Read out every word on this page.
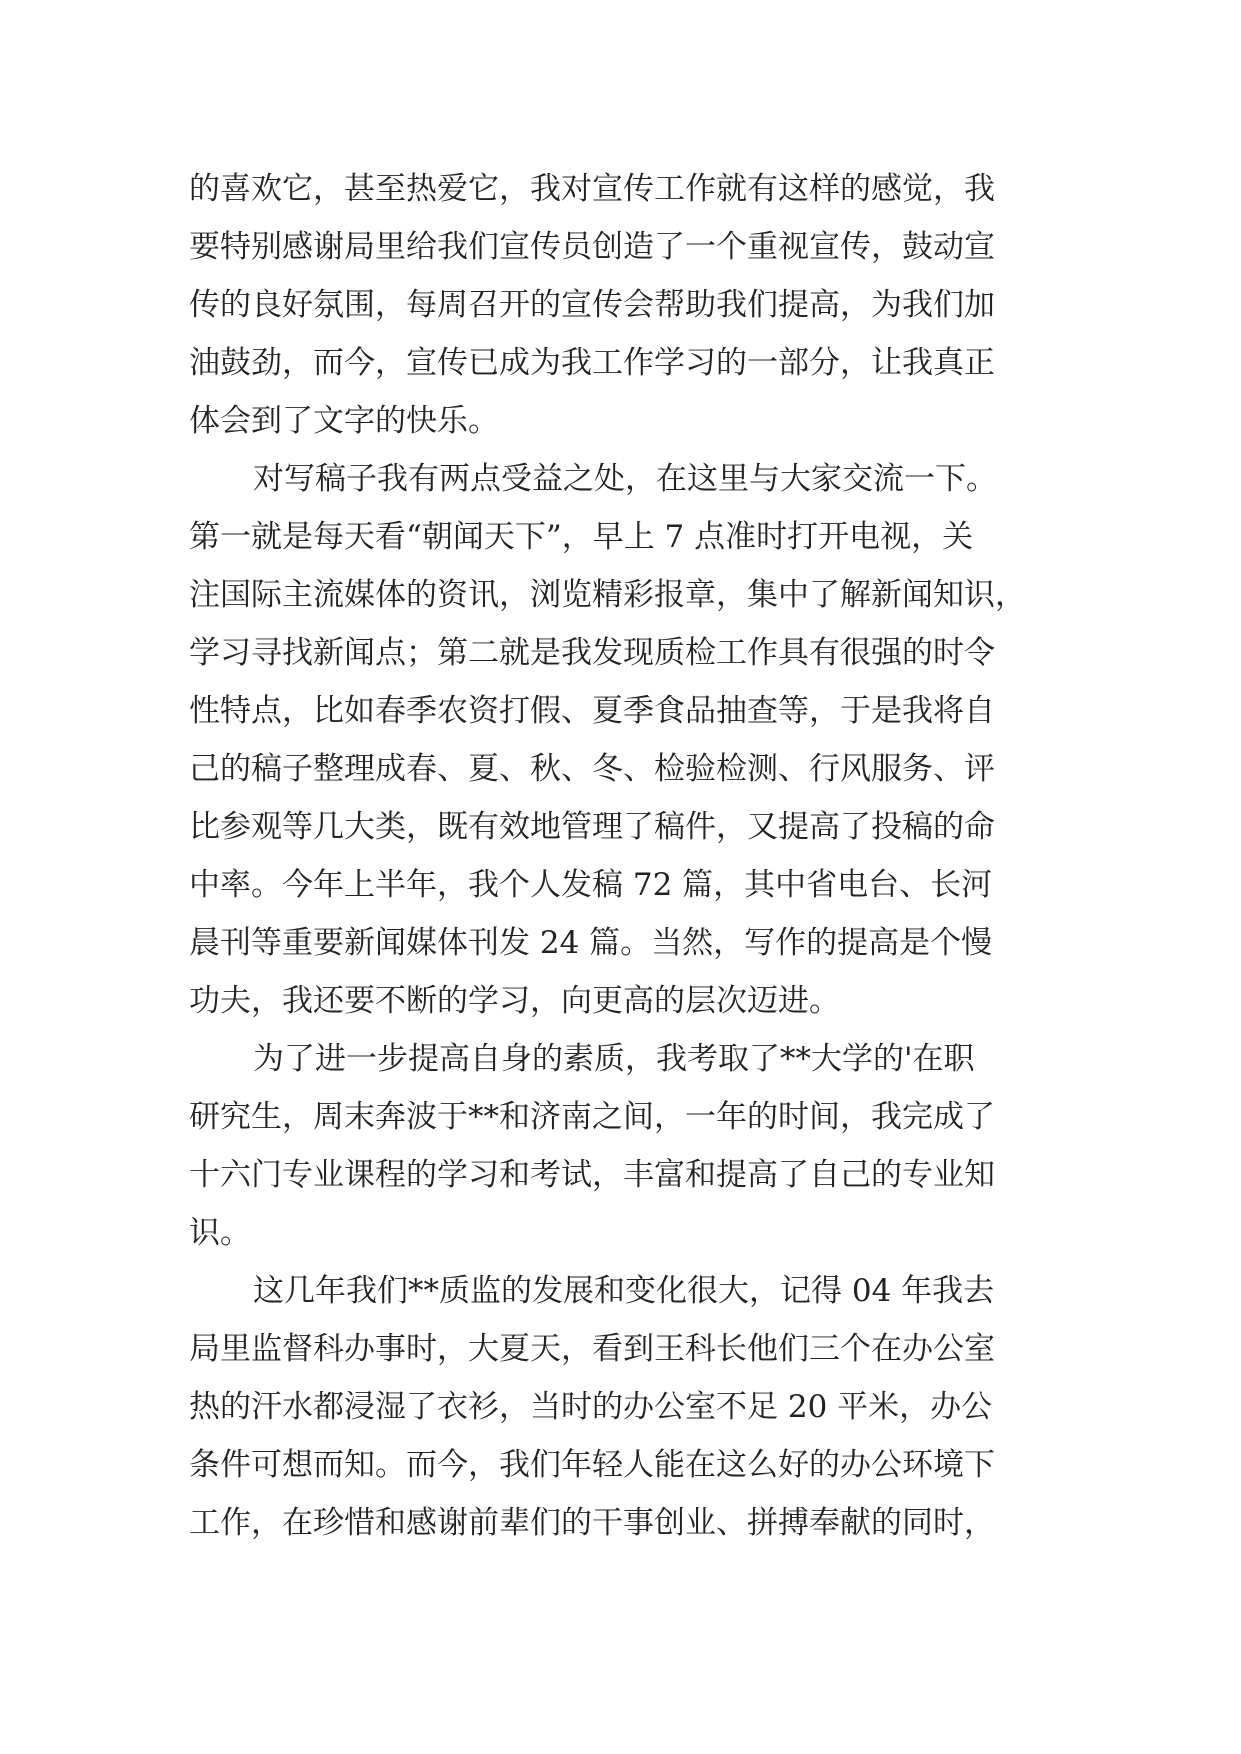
的喜欢它，甚至热爱它，我对宣传工作就有这样的感觉，我
要特别感谢局里给我们宣传员创造了一个重视宣传，鼓动宣
传的良好氛围，每周召开的宣传会帮助我们提高，为我们加
油鼓劲，而今，宣传已成为我工作学习的一部分，让我真正
体会到了文字的快乐。
对写稿子我有两点受益之处，在这里与大家交流一下。
第一就是每天看“朝闻天下”，早上 7 点准时打开电视，关
注国际主流媒体的资讯，浏览精彩报章，集中了解新闻知识，
学习寻找新闻点；第二就是我发现质检工作具有很强的时令
性特点，比如春季农资打假、夏季食品抽查等，于是我将自
己的稿子整理成春、夏、秋、冬、检验检测、行风服务、评
比参观等几大类，既有效地管理了稿件，又提高了投稿的命
中率。今年上半年，我个人发稿 72 篇，其中省电台、长河
晨刊等重要新闻媒体刊发 24 篇。当然，写作的提高是个慢
功夫，我还要不断的学习，向更高的层次迈进。
为了进一步提高自身的素质，我考取了**大学的'在职
研究生，周末奔波于**和济南之间，一年的时间，我完成了
十六门专业课程的学习和考试，丰富和提高了自己的专业知
识。
这几年我们**质监的发展和变化很大，记得 04 年我去
局里监督科办事时，大夏天，看到王科长他们三个在办公室
热的汗水都浸湿了衣衫，当时的办公室不足 20 平米，办公
条件可想而知。而今，我们年轻人能在这么好的办公环境下
工作，在珍惜和感谢前辈们的干事创业、拼搏奉献的同时，
